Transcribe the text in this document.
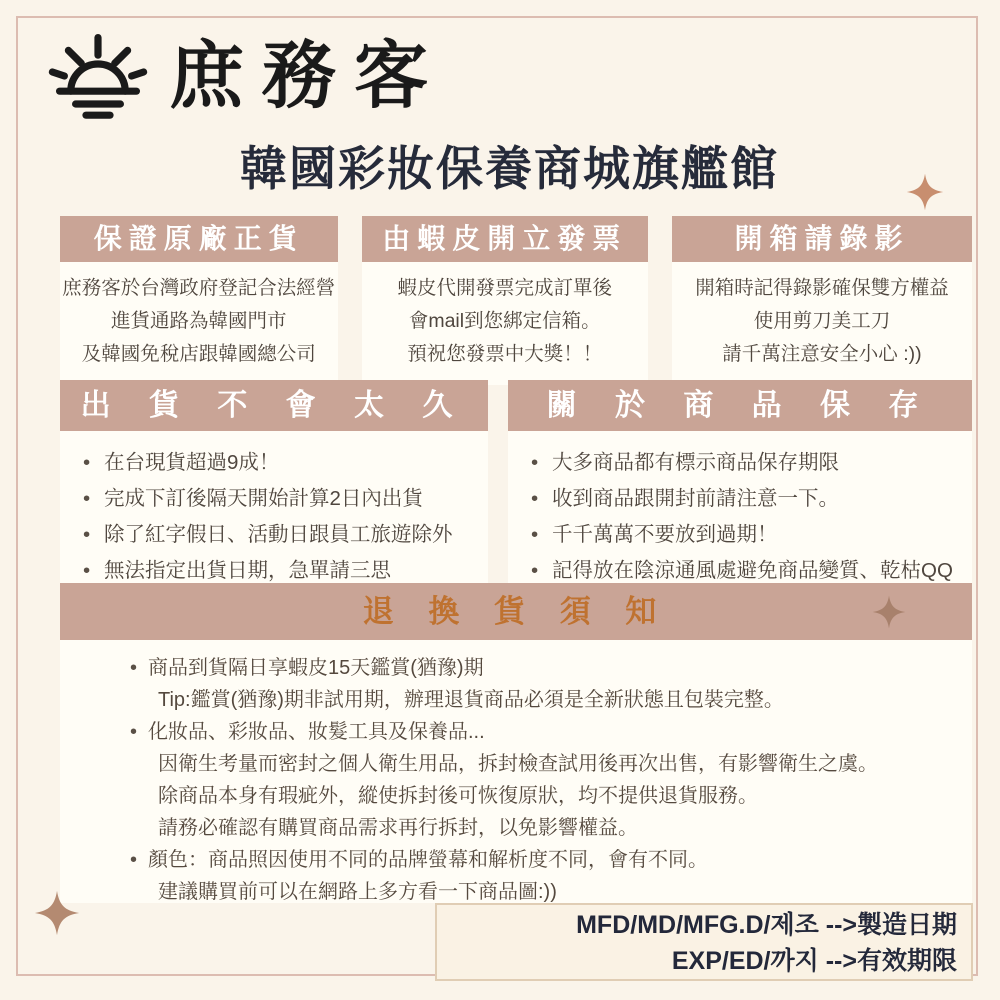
庶務客
韓國彩妝保養商城旗艦館
保證原廠正貨
庶務客於台灣政府登記合法經營
進貨通路為韓國門市
及韓國免稅店跟韓國總公司
由蝦皮開立發票
蝦皮代開發票完成訂單後
會mail到您綁定信箱。
預祝您發票中大獎！！
開箱請錄影
開箱時記得錄影確保雙方權益
使用剪刀美工刀
請千萬注意安全小心 :))
出 貨 不 會 太 久
• 在台現貨超過9成！
• 完成下訂後隔天開始計算2日內出貨
• 除了紅字假日、活動日跟員工旅遊除外
• 無法指定出貨日期，急單請三思
關 於 商 品 保 存
• 大多商品都有標示商品保存期限
• 收到商品跟開封前請注意一下。
• 千千萬萬不要放到過期！
• 記得放在陰涼通風處避免商品變質、乾枯QQ
退 換 貨 須 知
• 商品到貨隔日享蝦皮15天鑑賞(猶豫)期
Tip:鑑賞(猶豫)期非試用期，辦理退貨商品必須是全新狀態且包裝完整。
• 化妝品、彩妝品、妝髮工具及保養品...
因衛生考量而密封之個人衛生用品，拆封檢查試用後再次出售，有影響衛生之虞。
除商品本身有瑕疵外，縱使拆封後可恢復原狀，均不提供退貨服務。
請務必確認有購買商品需求再行拆封，以免影響權益。
• 顏色：商品照因使用不同的品牌螢幕和解析度不同，會有不同。
建議購買前可以在網路上多方看一下商品圖:))
MFD/MD/MFG.D/제조 -->製造日期
EXP/ED/까지 -->有效期限
